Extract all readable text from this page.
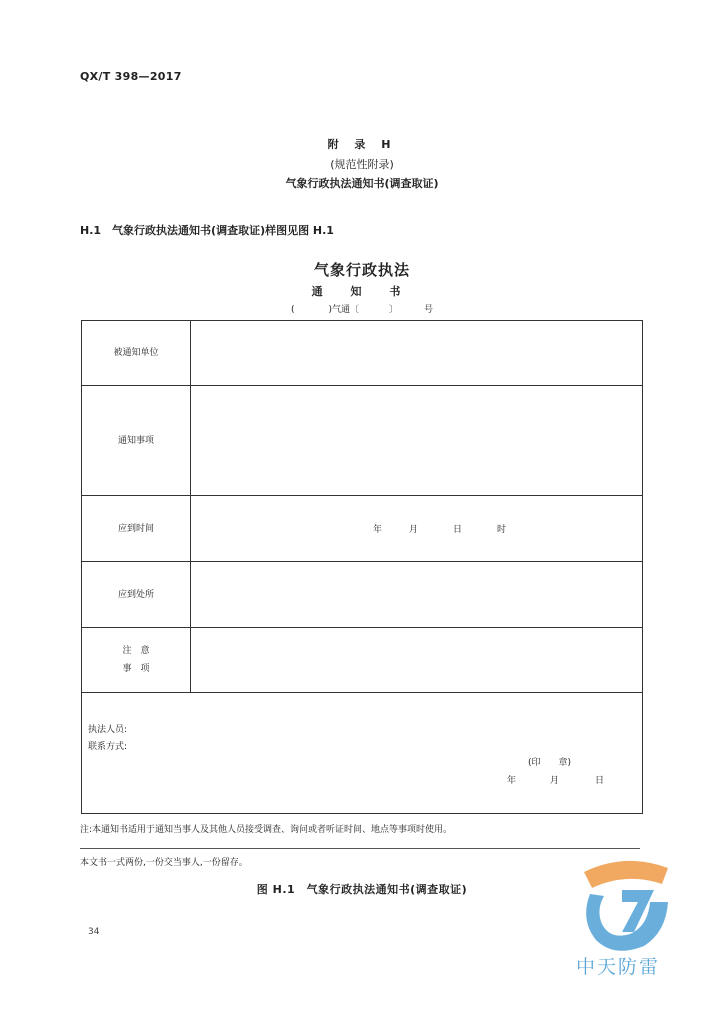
QX/T 398—2017
附 录 H
(规范性附录)
气象行政执法通知书(调查取证)
H.1　气象行政执法通知书(调查取证)样图见图 H.1
气象行政执法
通 知 书
(	)气通〔	〕	号
被通知单位
通知事项
应到时间	年	月	日	时
应到处所
注　意
事　项
执法人员:
联系方式:
(印　　章)
年	月	日
注:本通知书适用于通知当事人及其他人员接受调查、询问或者听证时间、地点等事项时使用。
本文书一式两份,一份交当事人,一份留存。
图 H.1　气象行政执法通知书(调查取证)
34
中天防雷
